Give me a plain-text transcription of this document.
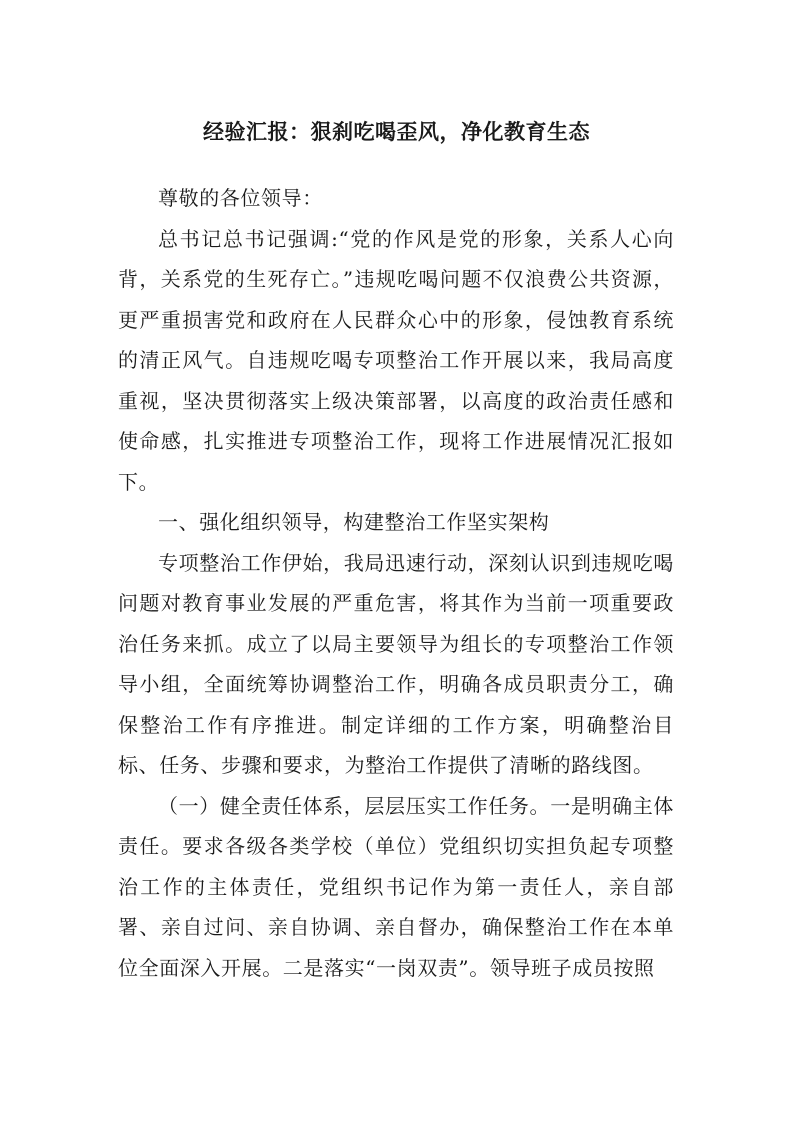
经验汇报：狠刹吃喝歪风，净化教育生态

尊敬的各位领导：

总书记总书记强调:“党的作风是党的形象，关系人心向背，关系党的生死存亡。”违规吃喝问题不仅浪费公共资源，更严重损害党和政府在人民群众心中的形象，侵蚀教育系统的清正风气。自违规吃喝专项整治工作开展以来，我局高度重视，坚决贯彻落实上级决策部署，以高度的政治责任感和使命感，扎实推进专项整治工作，现将工作进展情况汇报如下。

一、强化组织领导，构建整治工作坚实架构

专项整治工作伊始，我局迅速行动，深刻认识到违规吃喝问题对教育事业发展的严重危害，将其作为当前一项重要政治任务来抓。成立了以局主要领导为组长的专项整治工作领导小组，全面统筹协调整治工作，明确各成员职责分工，确保整治工作有序推进。制定详细的工作方案，明确整治目标、任务、步骤和要求，为整治工作提供了清晰的路线图。

（一）健全责任体系，层层压实工作任务。一是明确主体责任。要求各级各类学校（单位）党组织切实担负起专项整治工作的主体责任，党组织书记作为第一责任人，亲自部署、亲自过问、亲自协调、亲自督办，确保整治工作在本单位全面深入开展。二是落实“一岗双责”。领导班子成员按照
